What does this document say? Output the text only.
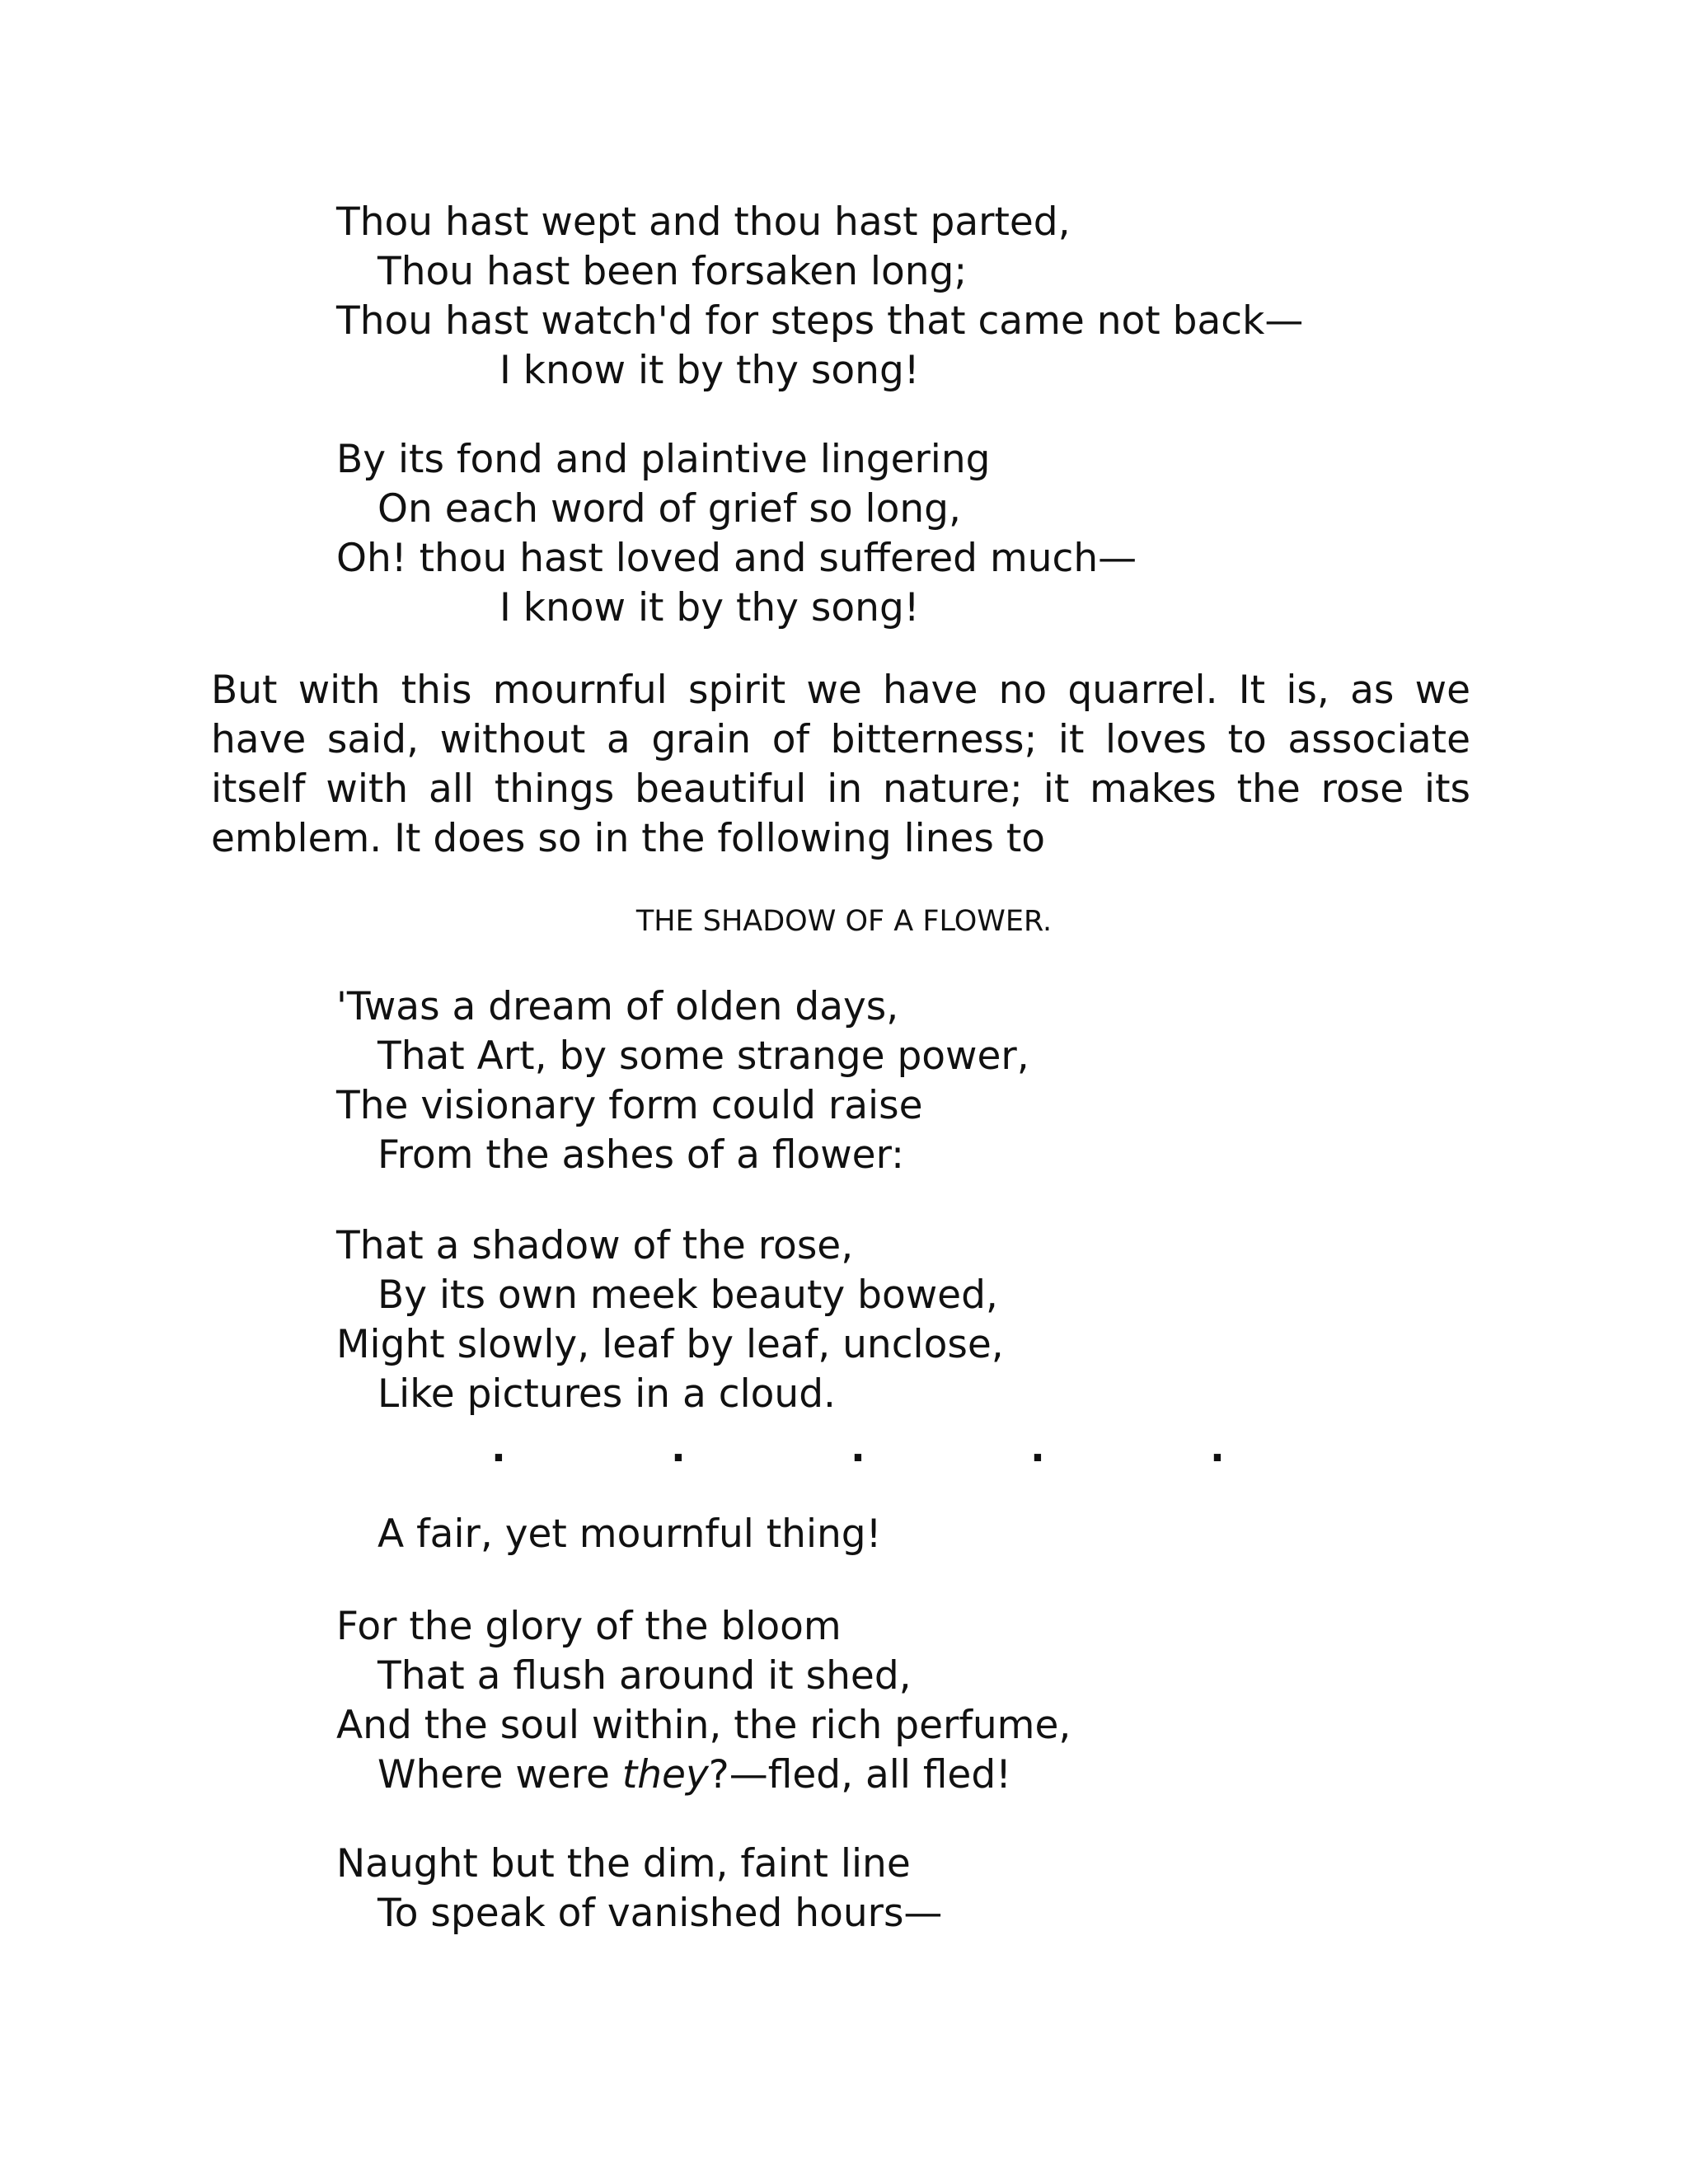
Thou hast wept and thou hast parted,
Thou hast been forsaken long;
Thou hast watch'd for steps that came not back—
I know it by thy song!
By its fond and plaintive lingering
On each word of grief so long,
Oh! thou hast loved and suffered much—
I know it by thy song!

But with this mournful spirit we have no quarrel. It is, as we have said, without a grain of bitterness; it loves to associate itself with all things beautiful in nature; it makes the rose its emblem. It does so in the following lines to

THE SHADOW OF A FLOWER.
'Twas a dream of olden days,
That Art, by some strange power,
The visionary form could raise
From the ashes of a flower:
That a shadow of the rose,
By its own meek beauty bowed,
Might slowly, leaf by leaf, unclose,
Like pictures in a cloud.
.	.	.	.	.
A fair, yet mournful thing!
For the glory of the bloom
That a flush around it shed,
And the soul within, the rich perfume,
Where were they?—fled, all fled!
Naught but the dim, faint line
To speak of vanished hours—
